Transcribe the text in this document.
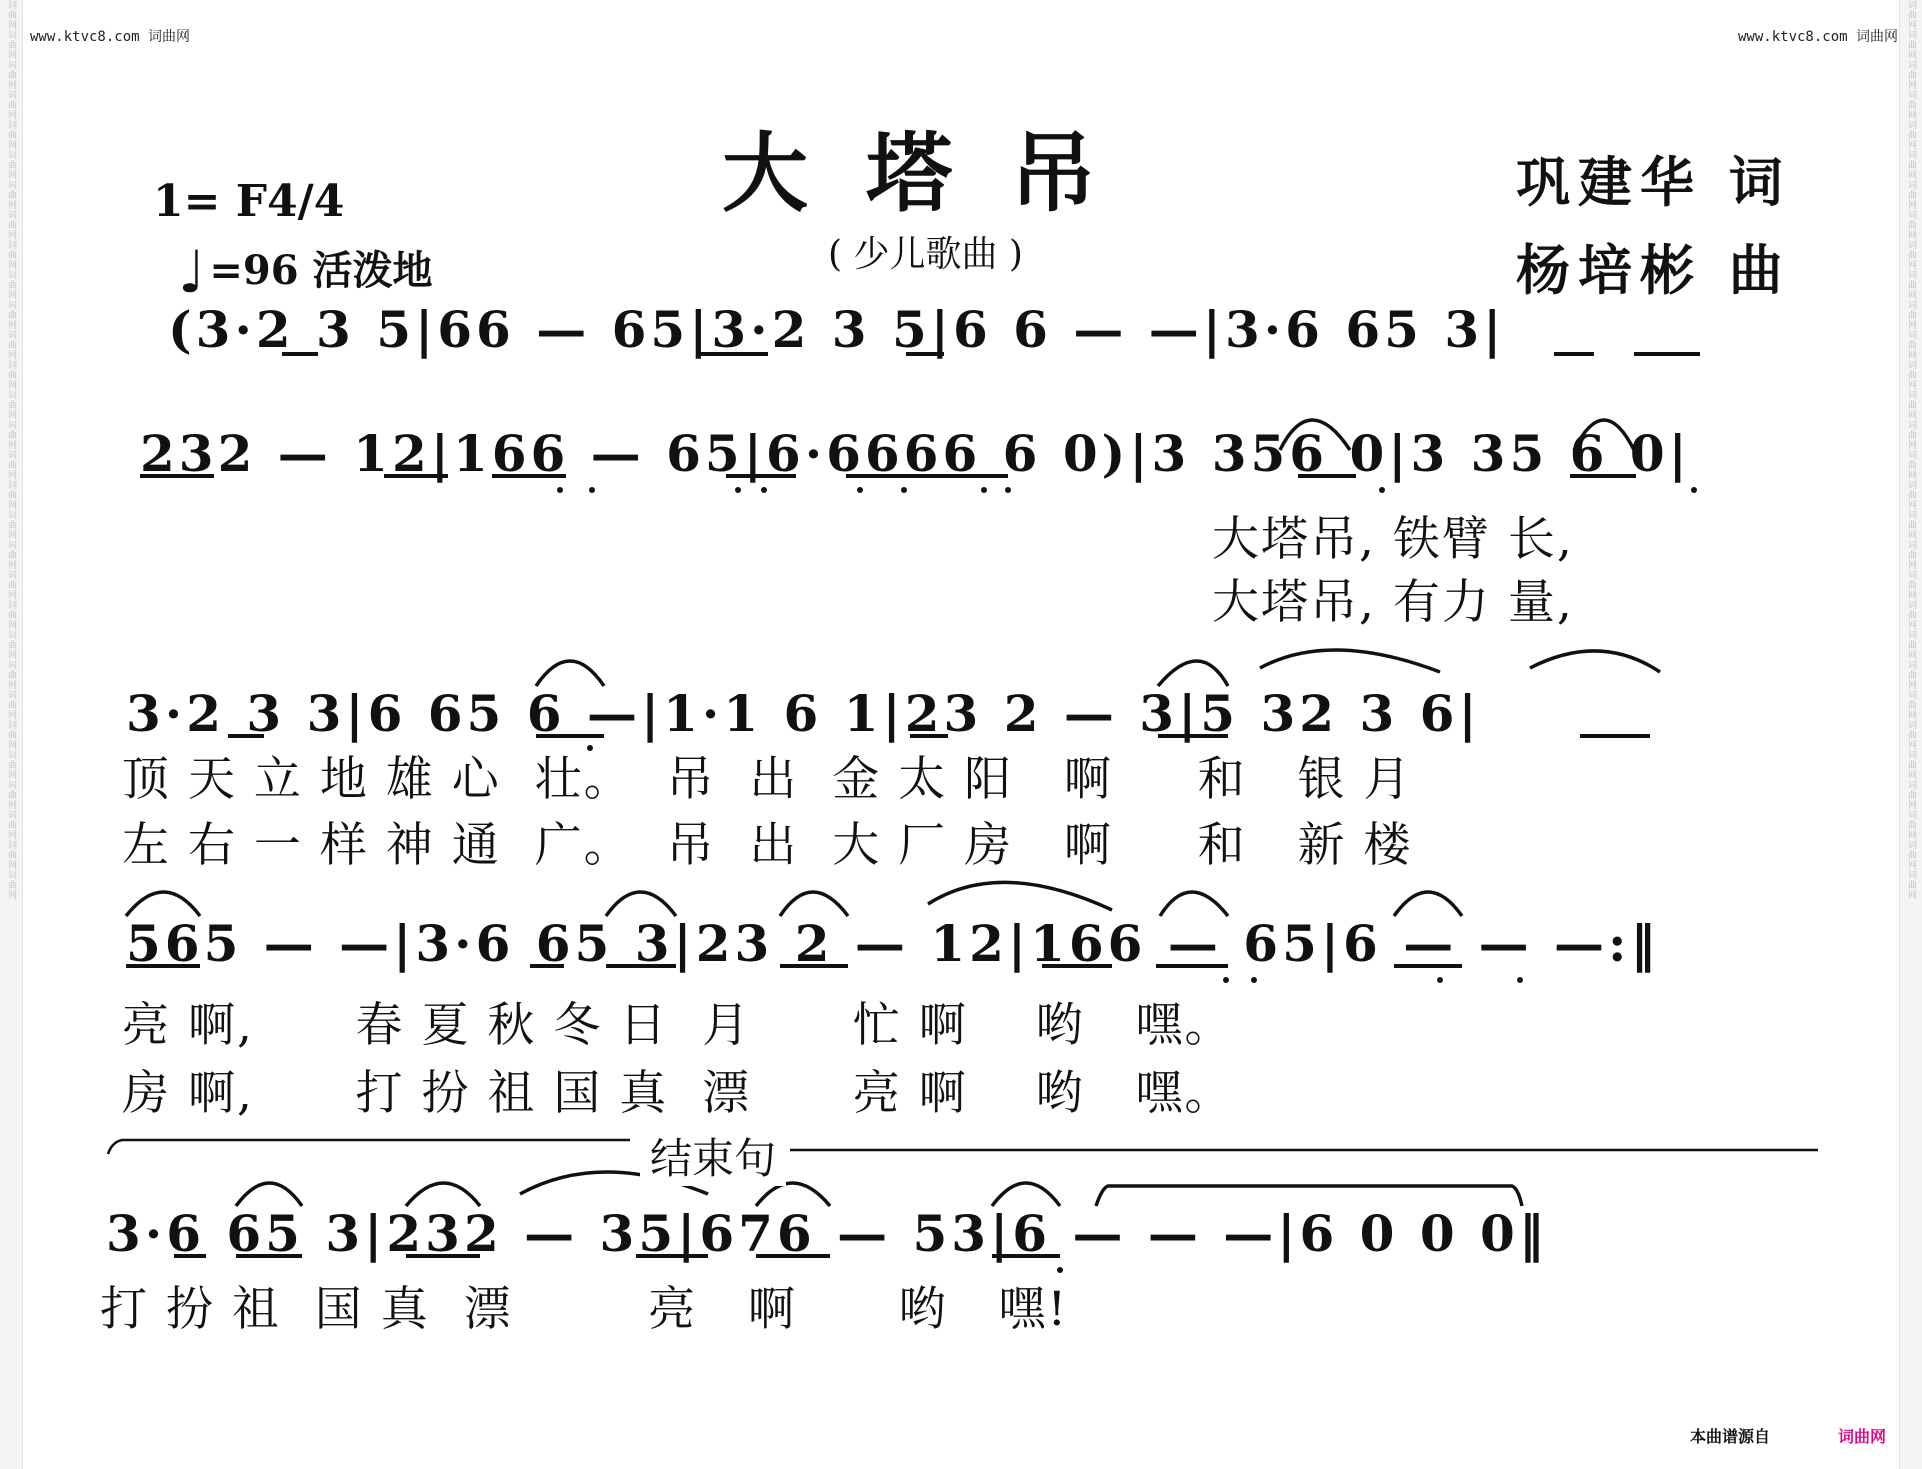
词曲网
词曲网
词曲网
词曲网
词曲网
词曲网
词曲网
词曲网
词曲网
词曲网
词曲网
词曲网
词曲网
词曲网
词曲网
词曲网
词曲网
词曲网
词曲网
词曲网
词曲网
词曲网
词曲网
词曲网
词曲网
词曲网
词曲网
词曲网
词曲网
词曲网
词曲网
词曲网
词曲网
词曲网
词曲网
词曲网
词曲网
词曲网
词曲网
词曲网
词曲网
词曲网
词曲网
词曲网
词曲网
词曲网
词曲网
词曲网
词曲网
词曲网
词曲网
词曲网
词曲网
词曲网
词曲网
词曲网
词曲网
词曲网
词曲网
词曲网
www.ktvc8.com 词曲网	www.ktvc8.com 词曲网
大塔吊
( 少儿歌曲 )
巩建华 词
杨培彬 曲
1= F4/4
♩ =96 活泼地
(3·2 3 5|66 — 65|3·2 3 5|6 6 — —|3·6 65 3|
232 — 12|166 — 65|6·6666 6 0)|3 356 0|3 35 6 0|
3·2 3 3|6 65 6 —|1·1 6 1|23 2 — 3|5 32 3 6|
565 — —|3·6 65 3|23 2 — 12|166 — 65|6 — — —:‖
3·6 65 3|232 — 35|676 — 53|6 — — —|6 0 0 0‖
大塔吊, 铁臂 长,
大塔吊, 有力 量,
顶 天 立 地 雄 心  壮。  吊  出  金 太 阳   啊     和   银 月
左 右 一 样 神 通  广。  吊  出  大 厂 房   啊     和   新 楼
亮 啊,      春 夏 秋 冬 日  月      忙 啊    哟   嘿。
房 啊,      打 扮 祖 国 真  漂      亮 啊    哟   嘿。
打 扮 祖  国 真  漂        亮   啊      哟   嘿!
结束句
本曲谱源自	词曲网
